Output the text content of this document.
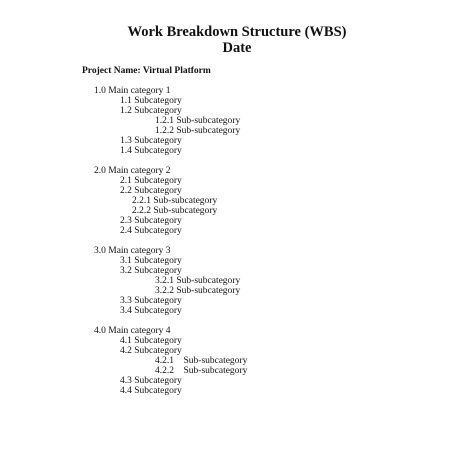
Work Breakdown Structure (WBS)
Date
Project Name: Virtual Platform
1.0 Main category 1
1.1 Subcategory
1.2 Subcategory
1.2.1 Sub-subcategory
1.2.2 Sub-subcategory
1.3 Subcategory
1.4 Subcategory
2.0 Main category 2
2.1 Subcategory
2.2 Subcategory
2.2.1 Sub-subcategory
2.2.2 Sub-subcategory
2.3 Subcategory
2.4 Subcategory
3.0 Main category 3
3.1 Subcategory
3.2 Subcategory
3.2.1 Sub-subcategory
3.2.2 Sub-subcategory
3.3 Subcategory
3.4 Subcategory
4.0 Main category 4
4.1 Subcategory
4.2 Subcategory
4.2.1    Sub-subcategory
4.2.2    Sub-subcategory
4.3 Subcategory
4.4 Subcategory
